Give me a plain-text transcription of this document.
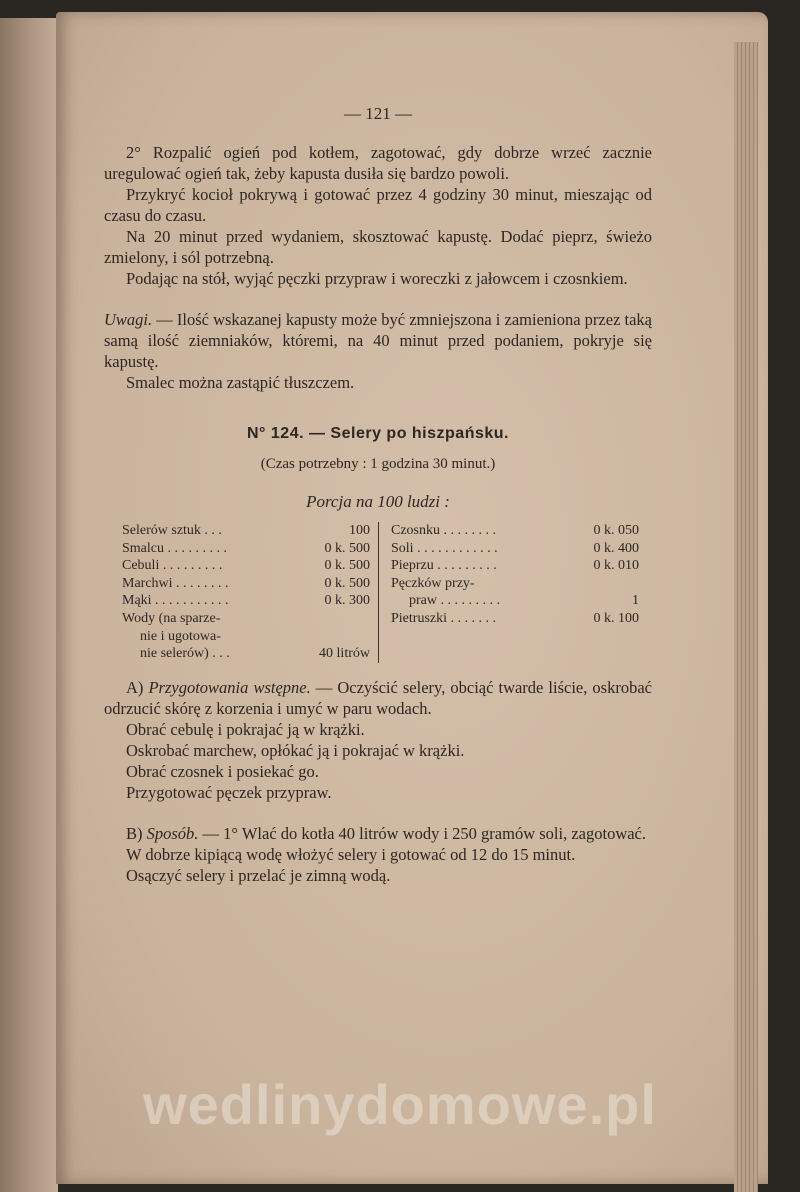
— 121 —

2° Rozpalić ogień pod kotłem, zagotować, gdy dobrze wrzeć zacznie uregulować ogień tak, żeby kapusta dusiła się bardzo powoli.

Przykryć kocioł pokrywą i gotować przez 4 godziny 30 minut, mieszając od czasu do czasu.

Na 20 minut przed wydaniem, skosztować kapustę. Dodać pieprz, świeżo zmielony, i sól potrzebną.

Podając na stół, wyjąć pęczki przypraw i woreczki z jałowcem i czosnkiem.

Uwagi. — Ilość wskazanej kapusty może być zmniejszona i zamieniona przez taką samą ilość ziemniaków, któremi, na 40 minut przed podaniem, pokryje się kapustę.

Smalec można zastąpić tłuszczem.

N° 124. — Selery po hiszpańsku.
(Czas potrzebny : 1 godzina 30 minut.)
Porcja na 100 ludzi :
Selerów sztuk . . .	100
Smalcu . . . . . . . . .	0 k. 500
Cebuli . . . . . . . . .	0 k. 500
Marchwi . . . . . . . .	0 k. 500
Mąki . . . . . . . . . . .	0 k. 300
Wody (na sparze-
nie i ugotowa-
nie selerów) . . .	40 litrów
Czosnku . . . . . . . .	0 k. 050
Soli . . . . . . . . . . . .	0 k. 400
Pieprzu . . . . . . . . .	0 k. 010
Pęczków przy-
praw . . . . . . . . .	1
Pietruszki . . . . . . .	0 k. 100

A) Przygotowania wstępne. — Oczyścić selery, obciąć twarde liście, oskrobać odrzucić skórę z korzenia i umyć w paru wodach.

Obrać cebulę i pokrajać ją w krążki.

Oskrobać marchew, opłókać ją i pokrajać w krążki.

Obrać czosnek i posiekać go.

Przygotować pęczek przypraw.

B) Sposób. — 1° Wlać do kotła 40 litrów wody i 250 gramów soli, zagotować.

W dobrze kipiącą wodę włożyć selery i gotować od 12 do 15 minut.

Osączyć selery i przelać je zimną wodą.

wedlinydomowe.pl
